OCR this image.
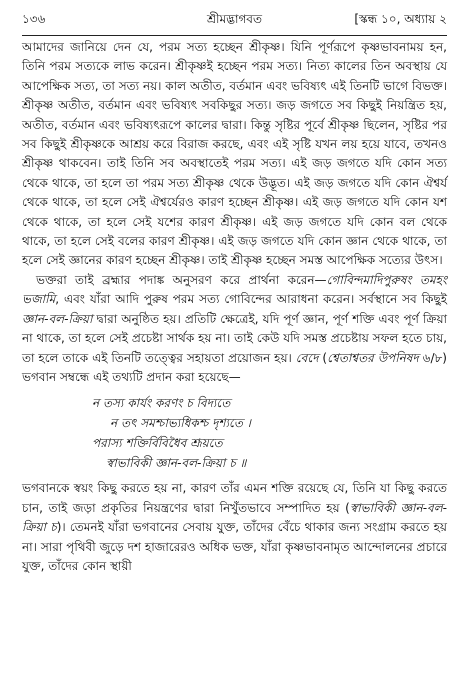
১৩৬	শ্রীমদ্ভাগবত	[স্কন্ধ ১০, অধ্যায় ২

আমাদের জানিয়ে দেন যে, পরম সত্য হচ্ছেন শ্রীকৃষ্ণ। যিনি পূর্ণরূপে কৃষ্ণভাবনাময় হন, তিনি পরম সত্যকে লাভ করেন। শ্রীকৃষ্ণই হচ্ছেন পরম সত্য। নিত্য কালের তিন অবস্থায় যে আপেক্ষিক সত্য, তা সত্য নয়। কাল অতীত, বর্তমান এবং ভবিষ্যৎ এই তিনটি ভাগে বিভক্ত। শ্রীকৃষ্ণ অতীত, বর্তমান এবং ভবিষ্যৎ সবকিছুর সত্য। জড় জগতে সব কিছুই নিয়ন্ত্রিত হয়, অতীত, বর্তমান এবং ভবিষ্যৎরূপে কালের দ্বারা। কিন্তু সৃষ্টির পূর্বে শ্রীকৃষ্ণ ছিলেন, সৃষ্টির পর সব কিছুই শ্রীকৃষ্ণকে আশ্রয় করে বিরাজ করছে, এবং এই সৃষ্টি যখন লয় হয়ে যাবে, তখনও শ্রীকৃষ্ণ থাকবেন। তাই তিনি সব অবস্থাতেই পরম সত্য। এই জড় জগতে যদি কোন সত্য থেকে থাকে, তা হলে তা পরম সত্য শ্রীকৃষ্ণ থেকে উদ্ভূত। এই জড় জগতে যদি কোন ঐশ্বর্য থেকে থাকে, তা হলে সেই ঐশ্বর্যেরও কারণ হচ্ছেন শ্রীকৃষ্ণ। এই জড় জগতে যদি কোন যশ থেকে থাকে, তা হলে সেই যশের কারণ শ্রীকৃষ্ণ। এই জড় জগতে যদি কোন বল থেকে থাকে, তা হলে সেই বলের কারণ শ্রীকৃষ্ণ। এই জড় জগতে যদি কোন জ্ঞান থেকে থাকে, তা হলে সেই জ্ঞানের কারণ হচ্ছেন শ্রীকৃষ্ণ। তাই শ্রীকৃষ্ণ হচ্ছেন সমস্ত আপেক্ষিক সত্যের উৎস।

ভক্তরা তাই ব্রহ্মার পদাঙ্ক অনুসরণ করে প্রার্থনা করেন—গোবিন্দমাদিপুরুষং তমহং ভজামি, এবং যাঁরা আদি পুরুষ পরম সত্য গোবিন্দের আরাধনা করেন। সর্বস্থানে সব কিছুই জ্ঞান-বল-ক্রিয়া দ্বারা অনুষ্ঠিত হয়। প্রতিটি ক্ষেত্রেই, যদি পূর্ণ জ্ঞান, পূর্ণ শক্তি এবং পূর্ণ ক্রিয়া না থাকে, তা হলে সেই প্রচেষ্টা সার্থক হয় না। তাই কেউ যদি সমস্ত প্রচেষ্টায় সফল হতে চায়, তা হলে তাকে এই তিনটি তত্ত্বের সহায়তা প্রয়োজন হয়। বেদে (শ্বেতাশ্বতর উপনিষদ ৬/৮) ভগবান সম্বন্ধে এই তথ্যটি প্রদান করা হয়েছে—

ন তস্য কার্যং করণং চ বিদ্যতে
ন তৎ সমশ্চাভ্যধিকশ্চ দৃশ্যতে ।
পরাস্য শক্তির্বিবিধৈব শ্রূয়তে
স্বাভাবিকী জ্ঞান-বল-ক্রিয়া চ ॥

ভগবানকে স্বয়ং কিছু করতে হয় না, কারণ তাঁর এমন শক্তি রয়েছে যে, তিনি যা কিছু করতে চান, তাই জড়া প্রকৃতির নিয়ন্ত্রণের দ্বারা নিখুঁতভাবে সম্পাদিত হয় (স্বাভাবিকী জ্ঞান-বল-ক্রিয়া চ)। তেমনই যাঁরা ভগবানের সেবায় যুক্ত, তাঁদের বেঁচে থাকার জন্য সংগ্রাম করতে হয় না। সারা পৃথিবী জুড়ে দশ হাজারেরও অধিক ভক্ত, যাঁরা কৃষ্ণভাবনামৃত আন্দোলনের প্রচারে যুক্ত, তাঁদের কোন স্থায়ী
